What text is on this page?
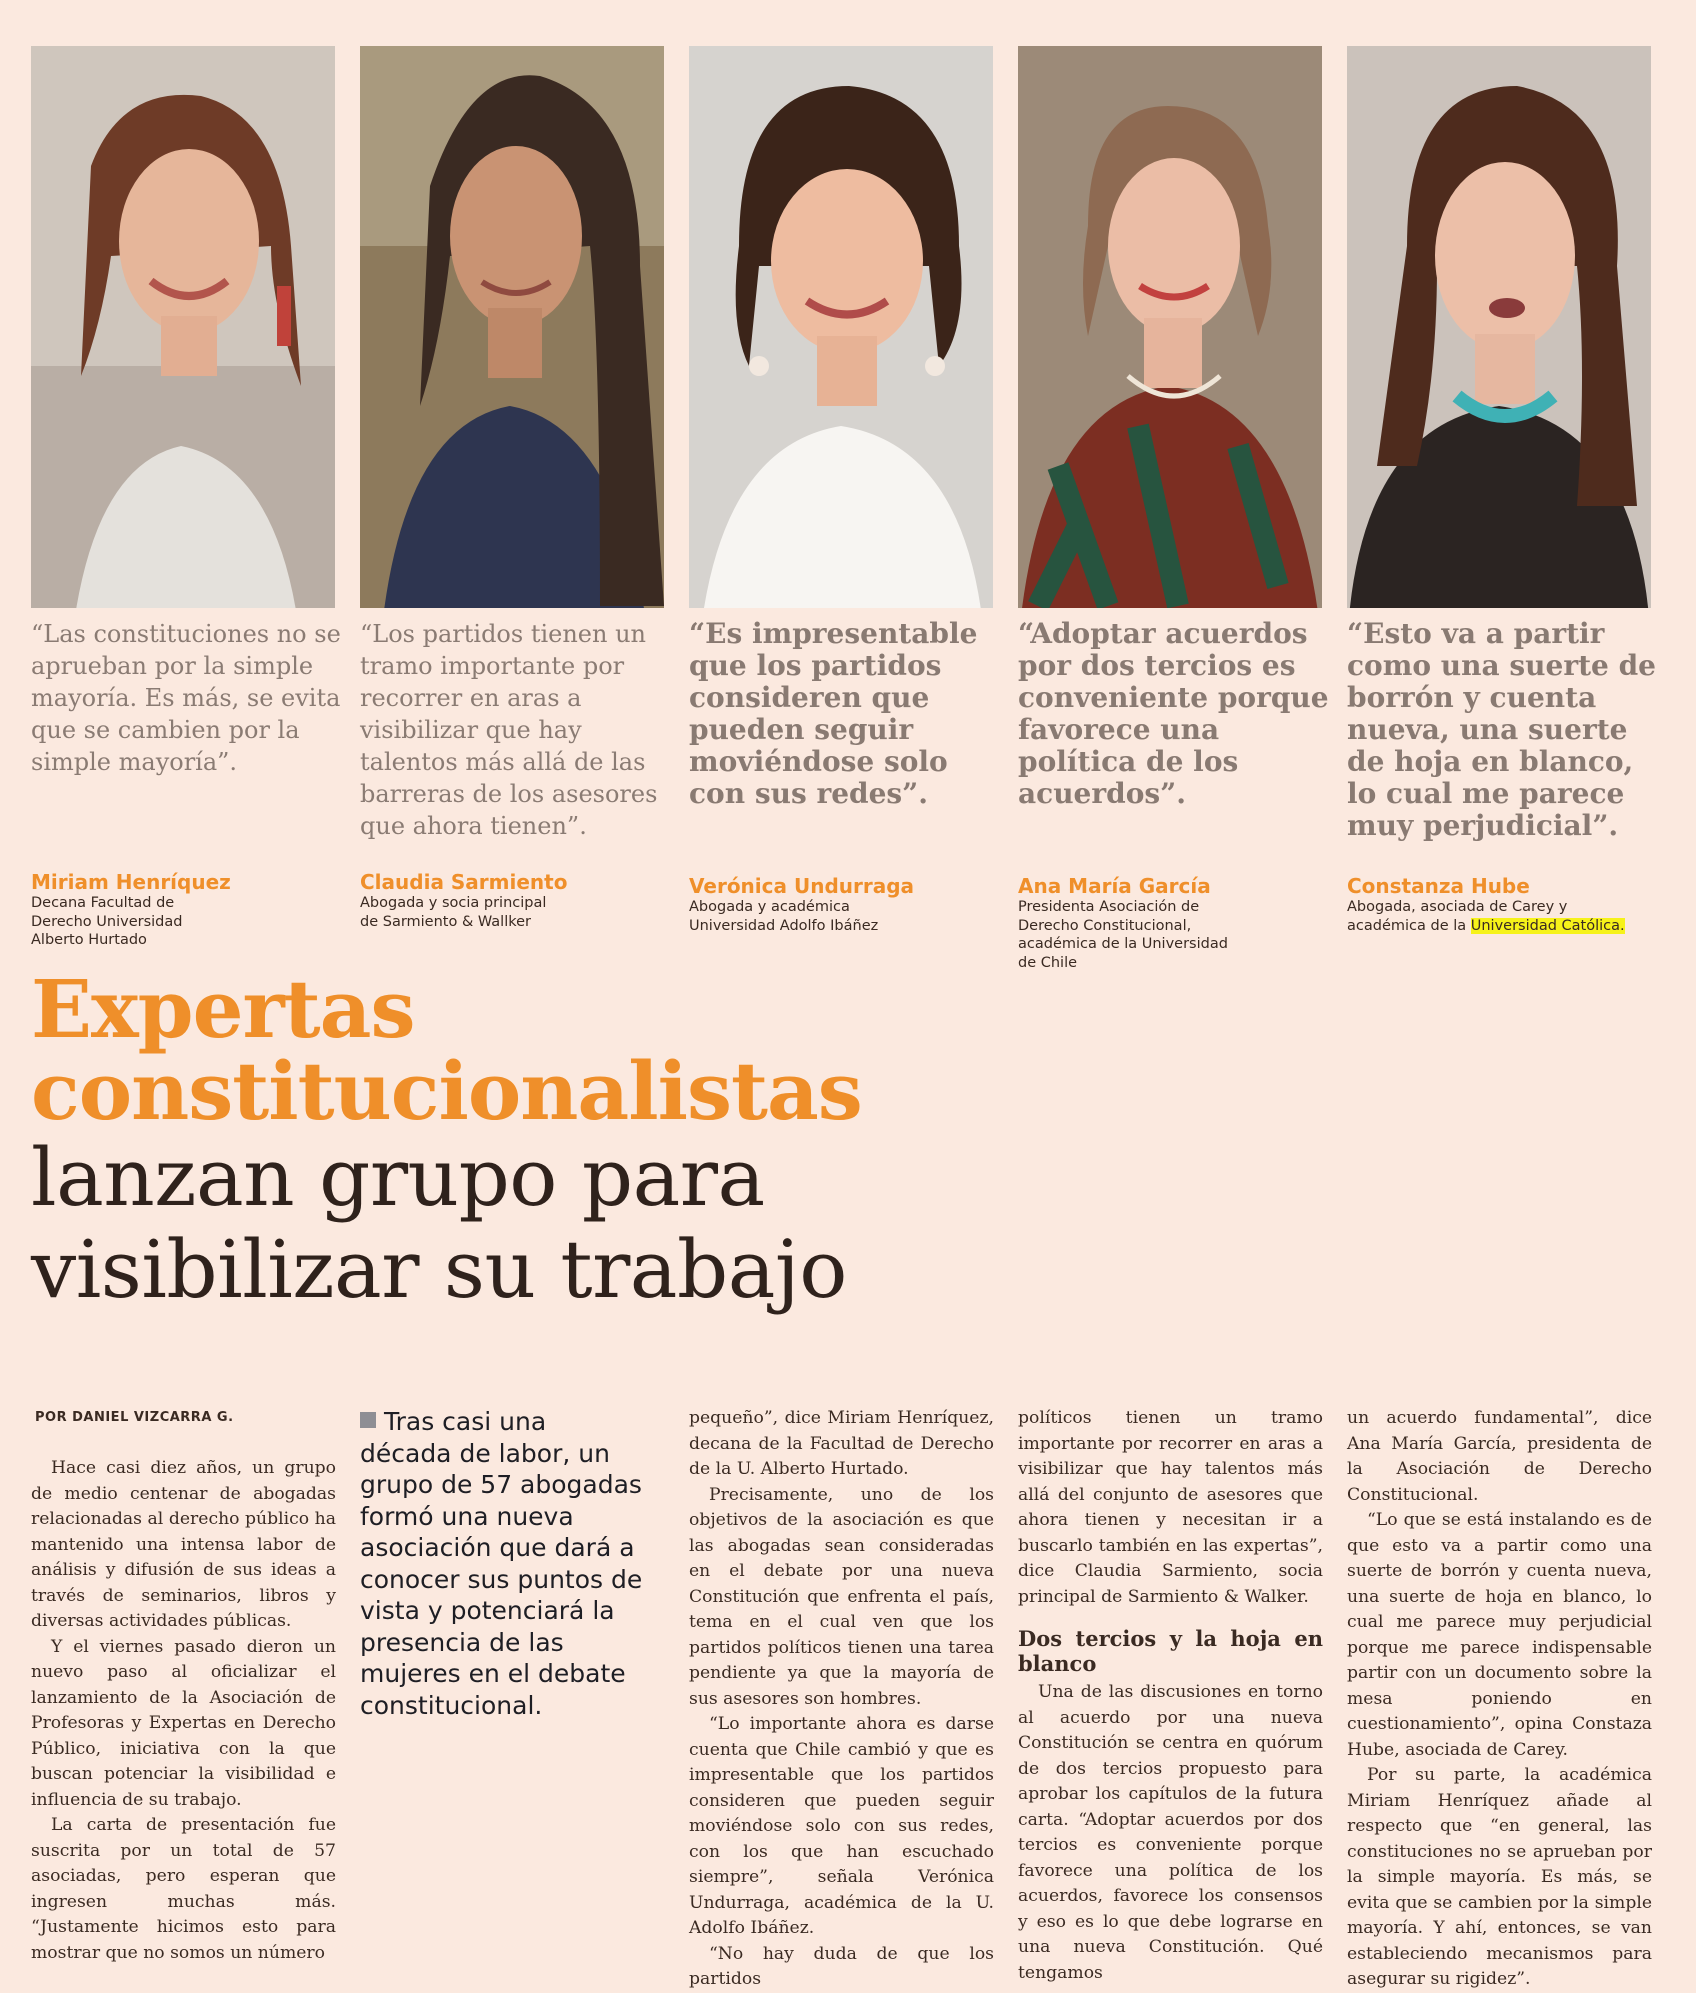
“Las constituciones no se aprueban por la simple mayoría. Es más, se evita que se cambien por la simple mayoría”.
“Los partidos tienen un tramo importante por recorrer en aras a visibilizar que hay talentos más allá de las barreras de los asesores que ahora tienen”.
“Es impresentable que los partidos consideren que pueden seguir moviéndose solo con sus redes”.
“Adoptar acuerdos por dos tercios es conveniente porque favorece una política de los acuerdos”.
“Esto va a partir como una suerte de borrón y cuenta nueva, una suerte de hoja en blanco, lo cual me parece muy perjudicial”.
Miriam Henríquez
Decana Facultad de Derecho Universidad Alberto Hurtado
Claudia Sarmiento
Abogada y socia principal de Sarmiento & Wallker
Verónica Undurraga
Abogada y académica Universidad Adolfo Ibáñez
Ana María García
Presidenta Asociación de Derecho Constitucional, académica de la Universidad de Chile
Constanza Hube
Abogada, asociada de Carey y académica de la Universidad Católica.
Expertas
constitucionalistas
lanzan grupo para
visibilizar su trabajo
POR DANIEL VIZCARRA G.

Hace casi diez años, un grupo de medio centenar de abogadas relacionadas al derecho público ha mantenido una intensa labor de análisis y difusión de sus ideas a través de seminarios, libros y diversas actividades públicas.

Y el viernes pasado dieron un nuevo paso al oficializar el lanzamiento de la Asociación de Profesoras y Expertas en Derecho Público, iniciativa con la que buscan potenciar la visibilidad e influencia de su trabajo.

La carta de presentación fue suscrita por un total de 57 asociadas, pero esperan que ingresen muchas más. “Justamente hicimos esto para mostrar que no somos un número

Tras casi una década de labor, un grupo de 57 abogadas formó una nueva asociación que dará a conocer sus puntos de vista y potenciará la presencia de las mujeres en el debate constitucional.

pequeño”, dice Miriam Henríquez, decana de la Facultad de Derecho de la U. Alberto Hurtado.

Precisamente, uno de los objetivos de la asociación es que las abogadas sean consideradas en el debate por una nueva Constitución que enfrenta el país, tema en el cual ven que los partidos políticos tienen una tarea pendiente ya que la mayoría de sus asesores son hombres.

“Lo importante ahora es darse cuenta que Chile cambió y que es impresentable que los partidos consideren que pueden seguir moviéndose solo con sus redes, con los que han escuchado siempre”, señala Verónica Undurraga, académica de la U. Adolfo Ibáñez.

“No hay duda de que los partidos

políticos tienen un tramo importante por recorrer en aras a visibilizar que hay talentos más allá del conjunto de asesores que ahora tienen y necesitan ir a buscarlo también en las expertas”, dice Claudia Sarmiento, socia principal de Sarmiento & Walker.

Dos tercios y la hoja en blanco

Una de las discusiones en torno al acuerdo por una nueva Constitución se centra en quórum de dos tercios propuesto para aprobar los capítulos de la futura carta. “Adoptar acuerdos por dos tercios es conveniente porque favorece una política de los acuerdos, favorece los consensos y eso es lo que debe lograrse en una nueva Constitución. Qué tengamos

un acuerdo fundamental”, dice Ana María García, presidenta de la Asociación de Derecho Constitucional.

“Lo que se está instalando es de que esto va a partir como una suerte de borrón y cuenta nueva, una suerte de hoja en blanco, lo cual me parece muy perjudicial porque me parece indispensable partir con un documento sobre la mesa poniendo en cuestionamiento”, opina Constaza Hube, asociada de Carey.

Por su parte, la académica Miriam Henríquez añade al respecto que “en general, las constituciones no se aprueban por la simple mayoría. Es más, se evita que se cambien por la simple mayoría. Y ahí, entonces, se van estableciendo mecanismos para asegurar su rigidez”.
